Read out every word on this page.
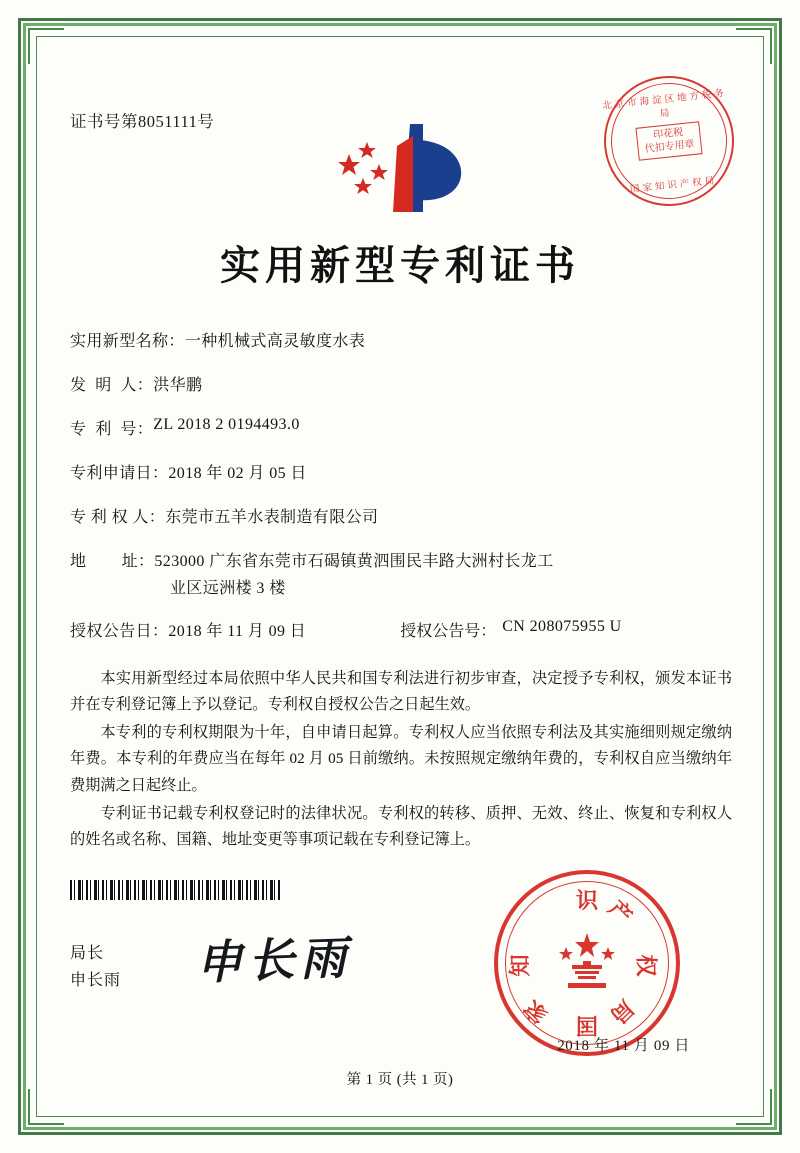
证书号第8051111号
北京市海淀区地方税务局
印花税
代扣专用章
国家知识产权局
实用新型专利证书
实用新型名称： 一种机械式高灵敏度水表
发  明  人： 洪华鹏
专  利  号： ZL 2018 2 0194493.0
专利申请日： 2018 年 02 月 05 日
专 利 权 人： 东莞市五羊水表制造有限公司
地        址： 523000 广东省东莞市石碣镇黄泗围民丰路大洲村长龙工
业区远洲楼 3 楼
授权公告日： 2018 年 11 月 09 日	授权公告号： CN 208075955 U

本实用新型经过本局依照中华人民共和国专利法进行初步审查，决定授予专利权，颁发本证书并在专利登记簿上予以登记。专利权自授权公告之日起生效。

本专利的专利权期限为十年，自申请日起算。专利权人应当依照专利法及其实施细则规定缴纳年费。本专利的年费应当在每年 02 月 05 日前缴纳。未按照规定缴纳年费的，专利权自应当缴纳年费期满之日起终止。

专利证书记载专利权登记时的法律状况。专利权的转移、质押、无效、终止、恢复和专利权人的姓名或名称、国籍、地址变更等事项记载在专利登记簿上。

局长
申长雨 申长雨
识 产
权
局
国
家
知
2018 年 11 月 09 日
第 1 页 (共 1 页)
